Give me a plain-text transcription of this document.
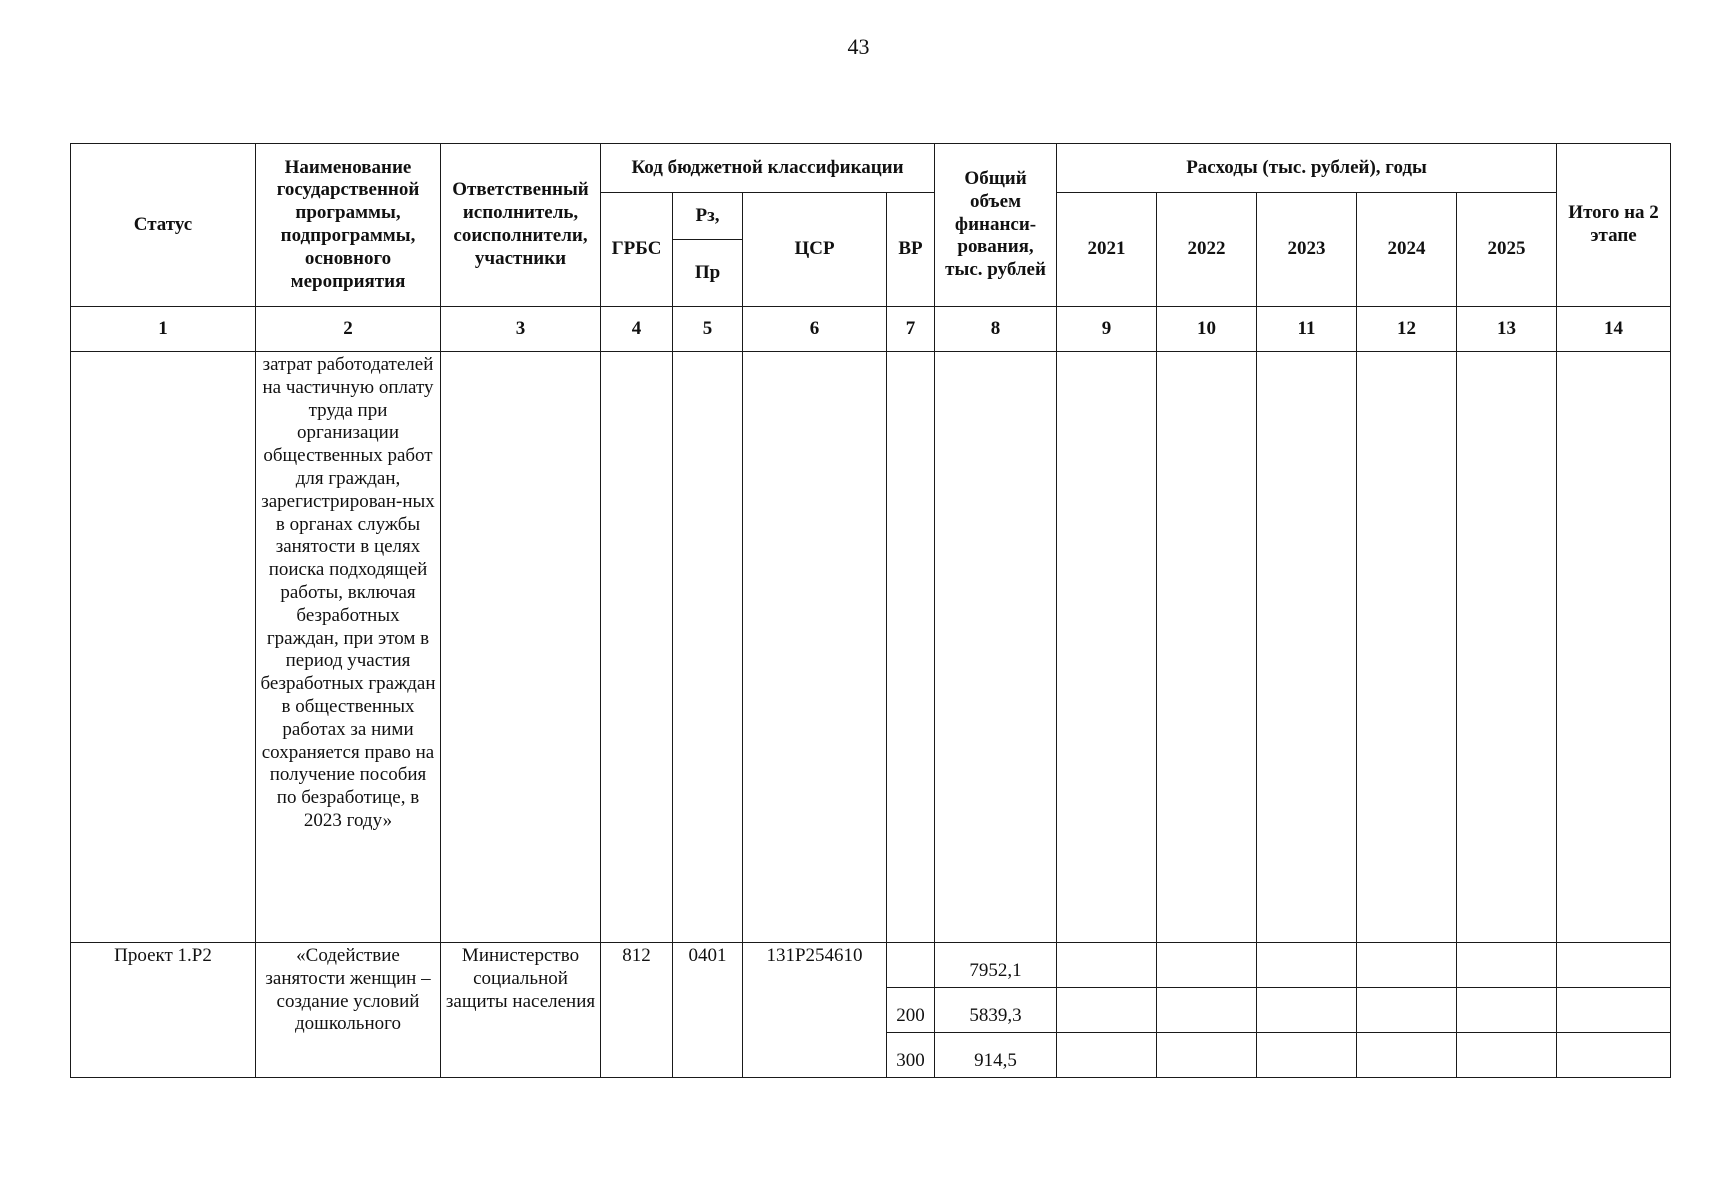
43
Статус	Наименование государственной программы, подпрограммы, основного мероприятия	Ответственный исполнитель, соисполнители, участники	Код бюджетной классификации				Общий объем финанси-рования, тыс. рублей	Расходы (тыс. рублей), годы					Итого на 2 этапе
			ГРБС	Рз,	ЦСР	ВР		2021	2022	2023	2024	2025	
				Пр									
1	2	3	4	5	6	7	8	9	10	11	12	13	14
	затрат работодателей на частичную оплату труда при организации общественных работ для граждан, зарегистрирован-ных в органах службы занятости в целях поиска подходящей работы, включая безработных граждан, при этом в период участия безработных граждан в общественных работах за ними сохраняется право на получение пособия по безработице, в 2023 году»												
Проект 1.Р2	«Содействие занятости женщин – создание условий дошкольного	Министерство социальной защиты населения	812	0401	131Р254610		7952,1						
						200	5839,3						
						300	914,5						
